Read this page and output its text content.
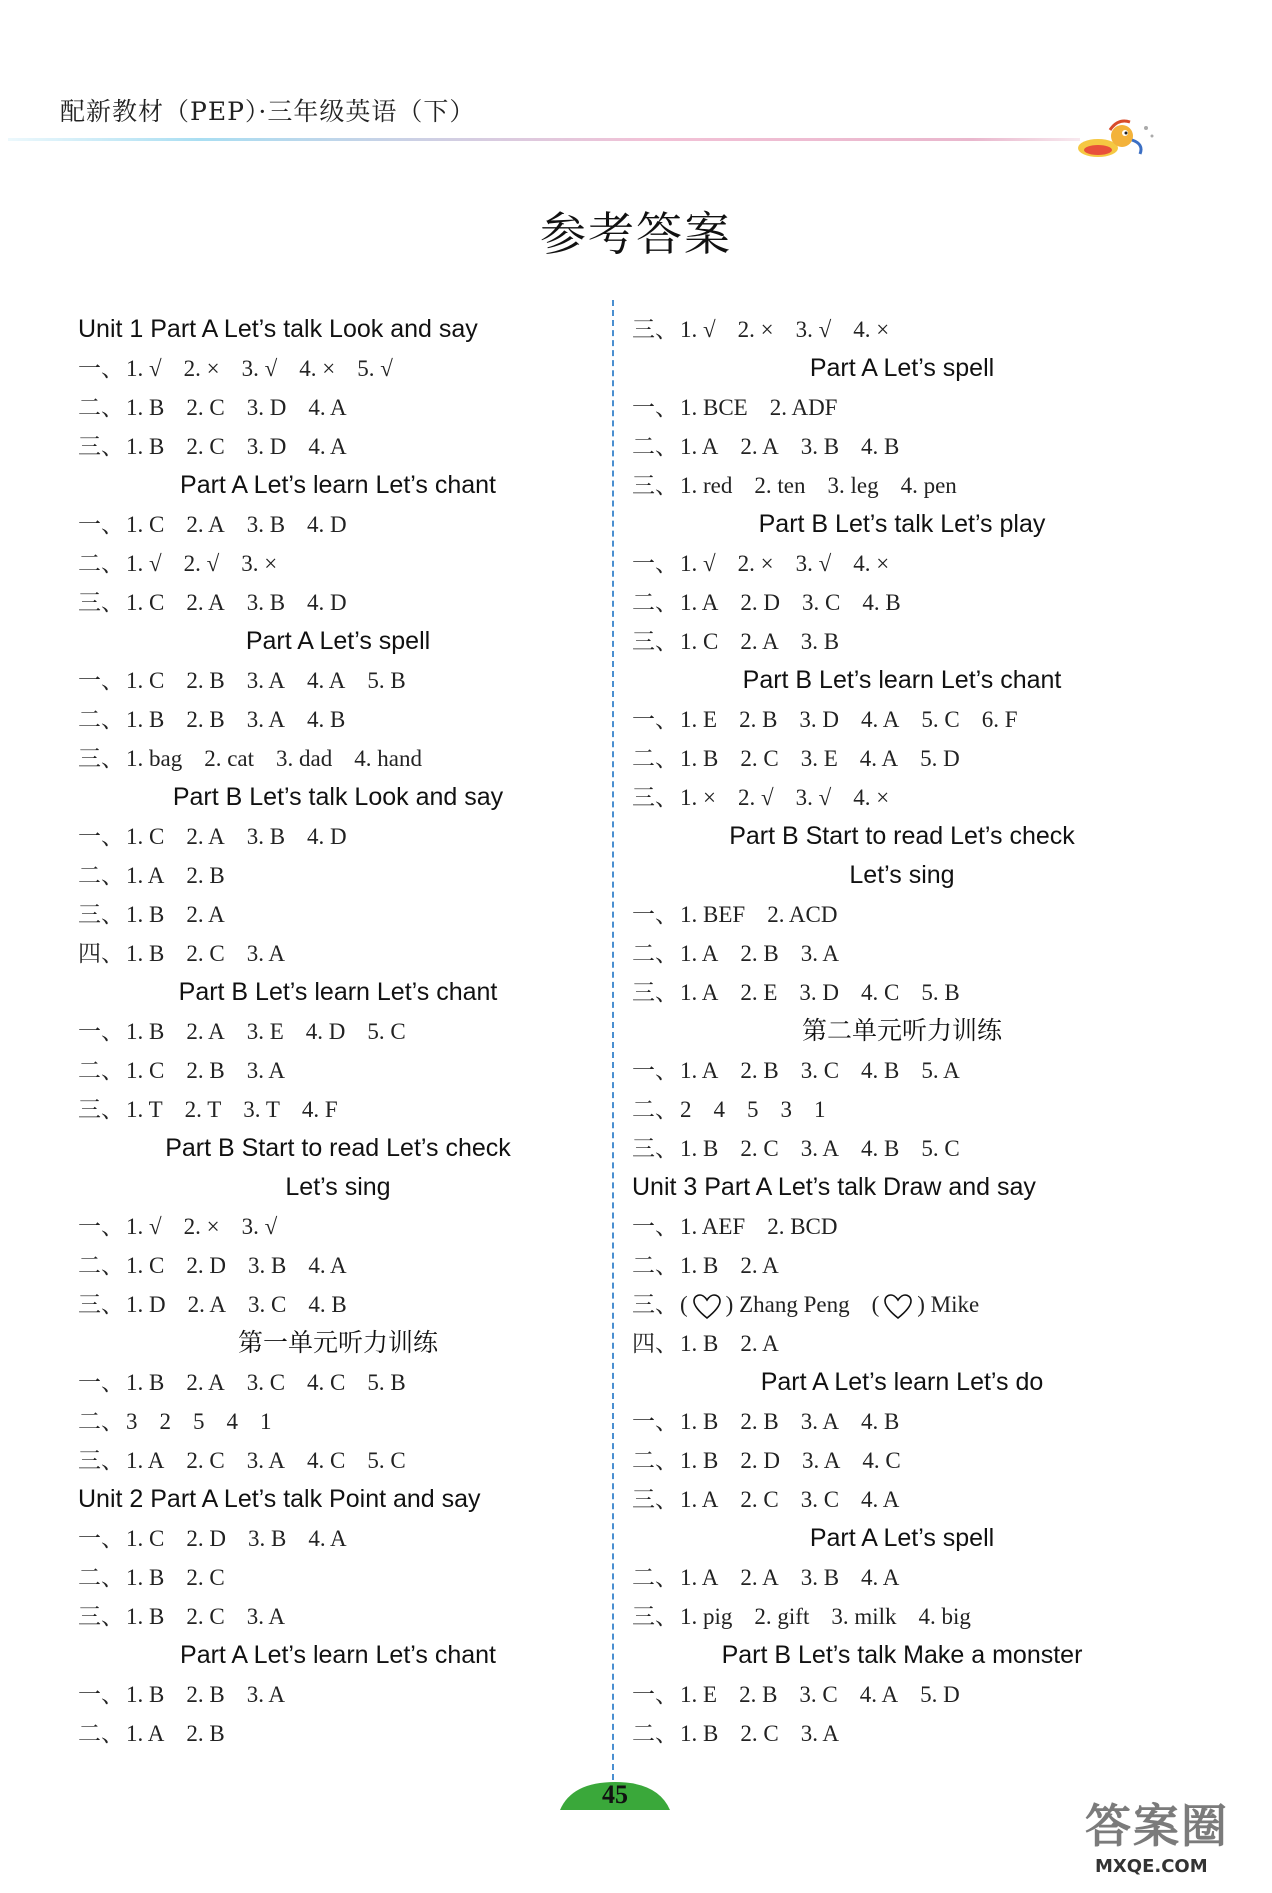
配新教材（PEP）·三年级英语（下）
参考答案
Unit 1 Part A Let’s talk Look and say
一、1. √ 2. × 3. √ 4. × 5. √
二、1. B 2. C 3. D 4. A
三、1. B 2. C 3. D 4. A
Part A Let’s learn Let’s chant
一、1. C 2. A 3. B 4. D
二、1. √ 2. √ 3. ×
三、1. C 2. A 3. B 4. D
Part A Let’s spell
一、1. C 2. B 3. A 4. A 5. B
二、1. B 2. B 3. A 4. B
三、1. bag 2. cat 3. dad 4. hand
Part B Let’s talk Look and say
一、1. C 2. A 3. B 4. D
二、1. A 2. B
三、1. B 2. A
四、1. B 2. C 3. A
Part B Let’s learn Let’s chant
一、1. B 2. A 3. E 4. D 5. C
二、1. C 2. B 3. A
三、1. T 2. T 3. T 4. F
Part B Start to read Let’s check
Let’s sing
一、1. √ 2. × 3. √
二、1. C 2. D 3. B 4. A
三、1. D 2. A 3. C 4. B
第一单元听力训练
一、1. B 2. A 3. C 4. C 5. B
二、3 2 5 4 1
三、1. A 2. C 3. A 4. C 5. C
Unit 2 Part A Let’s talk Point and say
一、1. C 2. D 3. B 4. A
二、1. B 2. C
三、1. B 2. C 3. A
Part A Let’s learn Let’s chant
一、1. B 2. B 3. A
二、1. A 2. B
三、1. √ 2. × 3. √ 4. ×
Part A Let’s spell
一、1. BCE 2. ADF
二、1. A 2. A 3. B 4. B
三、1. red 2. ten 3. leg 4. pen
Part B Let’s talk Let’s play
一、1. √ 2. × 3. √ 4. ×
二、1. A 2. D 3. C 4. B
三、1. C 2. A 3. B
Part B Let’s learn Let’s chant
一、1. E 2. B 3. D 4. A 5. C 6. F
二、1. B 2. C 3. E 4. A 5. D
三、1. × 2. √ 3. √ 4. ×
Part B Start to read Let’s check
Let’s sing
一、1. BEF 2. ACD
二、1. A 2. B 3. A
三、1. A 2. E 3. D 4. C 5. B
第二单元听力训练
一、1. A 2. B 3. C 4. B 5. A
二、2 4 5 3 1
三、1. B 2. C 3. A 4. B 5. C
Unit 3 Part A Let’s talk Draw and say
一、1. AEF 2. BCD
二、1. B 2. A
三、( ) Zhang Peng ( ) Mike
四、1. B 2. A
Part A Let’s learn Let’s do
一、1. B 2. B 3. A 4. B
二、1. B 2. D 3. A 4. C
三、1. A 2. C 3. C 4. A
Part A Let’s spell
二、1. A 2. A 3. B 4. A
三、1. pig 2. gift 3. milk 4. big
Part B Let’s talk Make a monster
一、1. E 2. B 3. C 4. A 5. D
二、1. B 2. C 3. A
45
答案圈
MXQE.COM
